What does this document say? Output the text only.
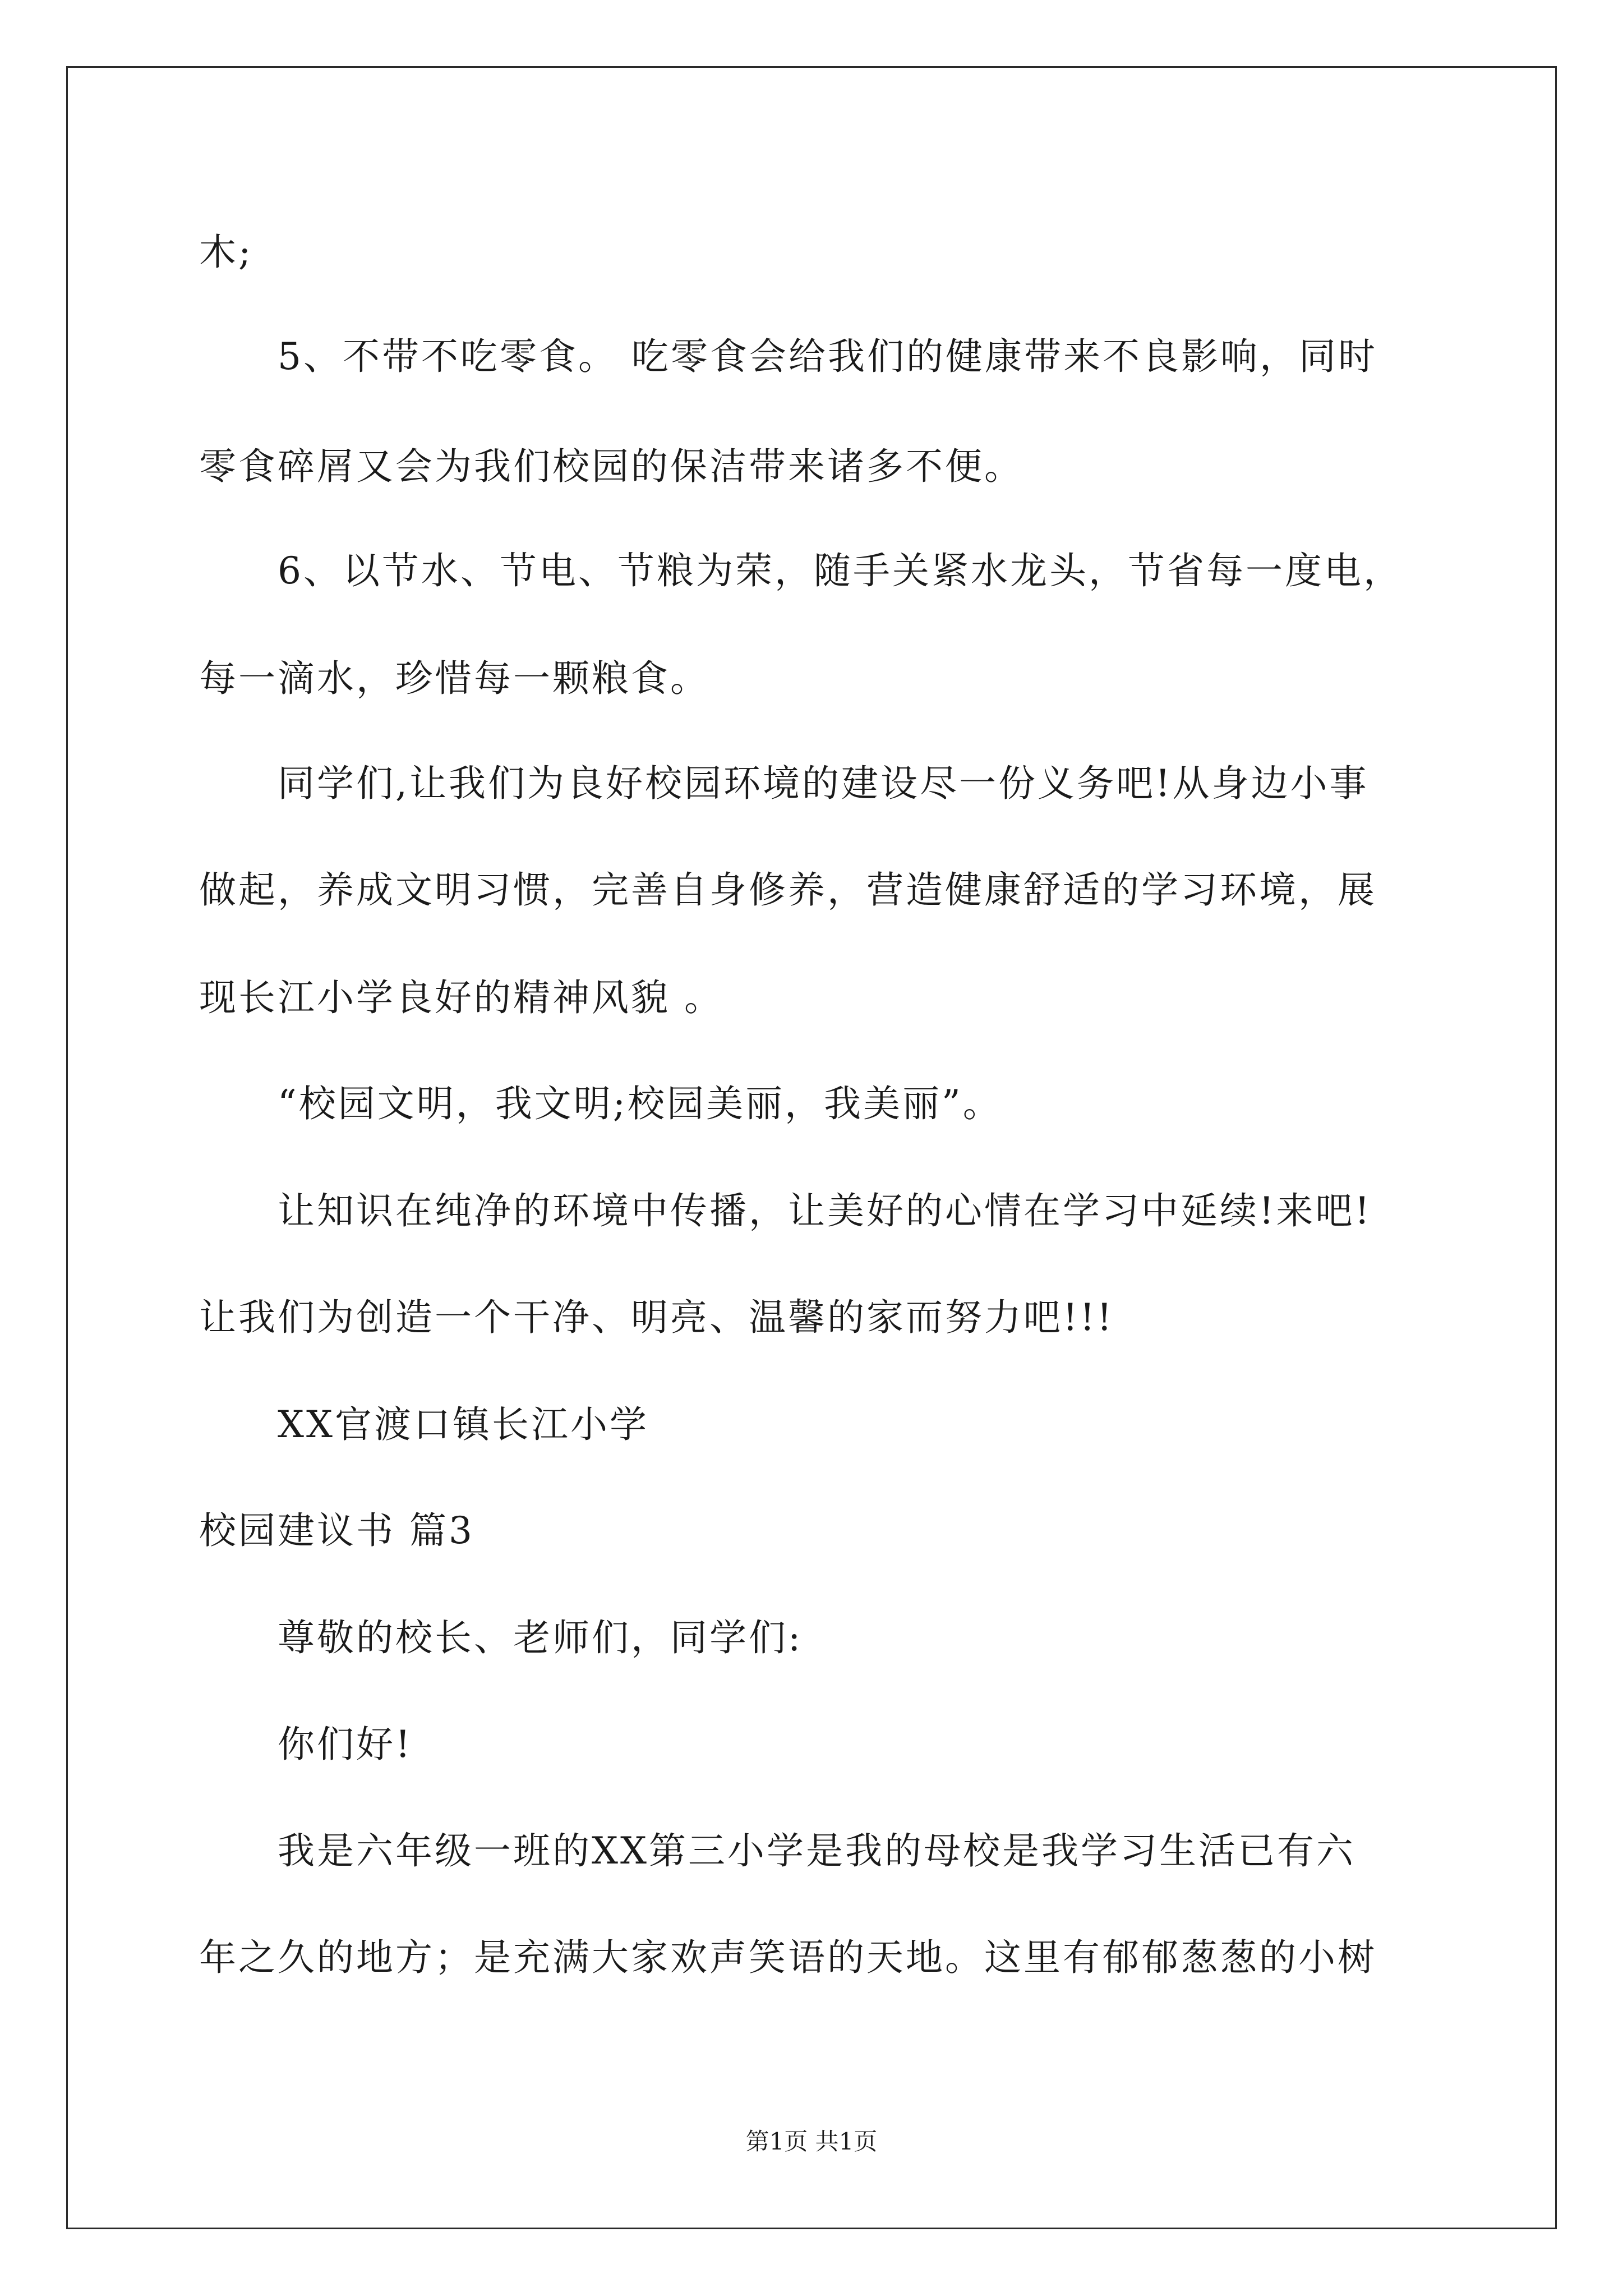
木;
5、不带不吃零食。 吃零食会给我们的健康带来不良影响，同时
零食碎屑又会为我们校园的保洁带来诸多不便。
6、以节水、节电、节粮为荣，随手关紧水龙头，节省每一度电，
每一滴水，珍惜每一颗粮食。
同学们,让我们为良好校园环境的建设尽一份义务吧!从身边小事
做起，养成文明习惯，完善自身修养，营造健康舒适的学习环境，展
现长江小学良好的精神风貌 。
“校园文明，我文明;校园美丽，我美丽”。
让知识在纯净的环境中传播，让美好的心情在学习中延续!来吧!
让我们为创造一个干净、明亮、温馨的家而努力吧!!!
XX官渡口镇长江小学
校园建议书 篇3
尊敬的校长、老师们，同学们:
你们好!
我是六年级一班的XX第三小学是我的母校是我学习生活已有六
年之久的地方；是充满大家欢声笑语的天地。这里有郁郁葱葱的小树
第1页 共1页
